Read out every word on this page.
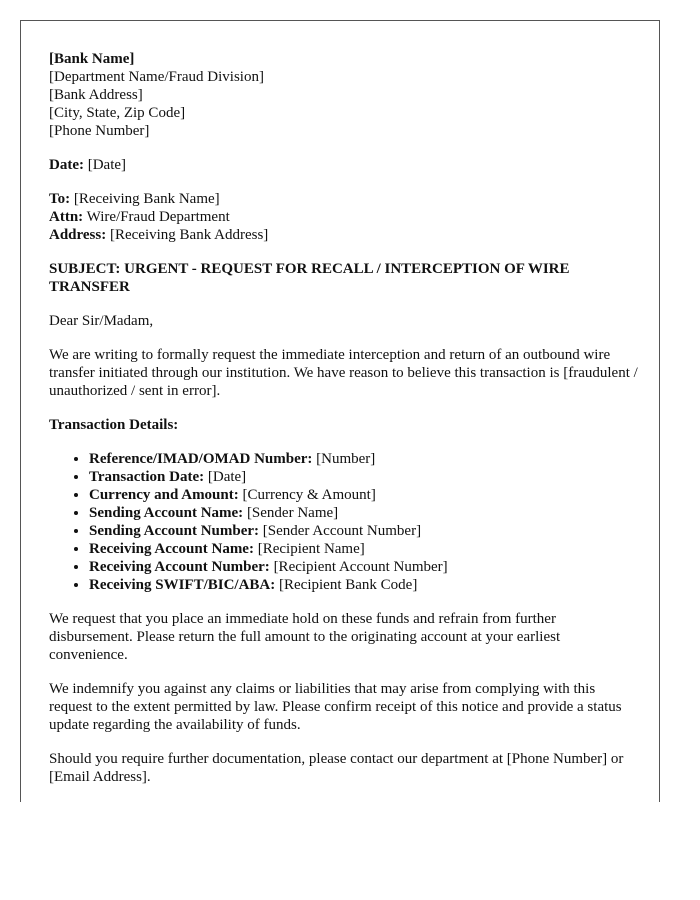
[Bank Name]
[Department Name/Fraud Division]
[Bank Address]
[City, State, Zip Code]
[Phone Number]
Date: [Date]
To: [Receiving Bank Name]
Attn: Wire/Fraud Department
Address: [Receiving Bank Address]
SUBJECT: URGENT - REQUEST FOR RECALL / INTERCEPTION OF WIRE TRANSFER
Dear Sir/Madam,
We are writing to formally request the immediate interception and return of an outbound wire transfer initiated through our institution. We have reason to believe this transaction is [fraudulent / unauthorized / sent in error].
Transaction Details:
• Reference/IMAD/OMAD Number: [Number]
• Transaction Date: [Date]
• Currency and Amount: [Currency & Amount]
• Sending Account Name: [Sender Name]
• Sending Account Number: [Sender Account Number]
• Receiving Account Name: [Recipient Name]
• Receiving Account Number: [Recipient Account Number]
• Receiving SWIFT/BIC/ABA: [Recipient Bank Code]
We request that you place an immediate hold on these funds and refrain from further disbursement. Please return the full amount to the originating account at your earliest convenience.
We indemnify you against any claims or liabilities that may arise from complying with this request to the extent permitted by law. Please confirm receipt of this notice and provide a status update regarding the availability of funds.
Should you require further documentation, please contact our department at [Phone Number] or [Email Address].
